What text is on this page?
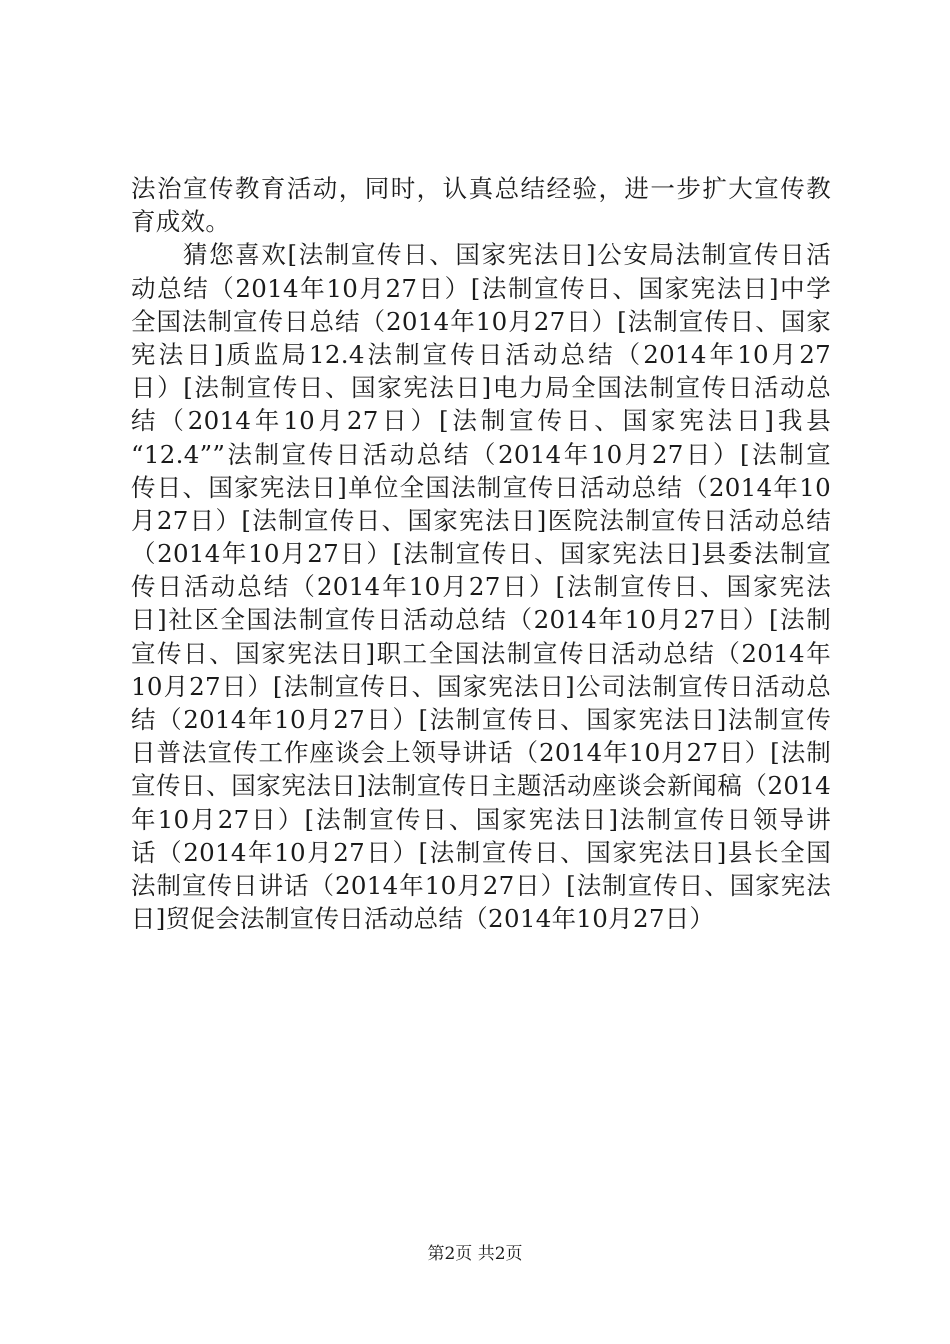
法治宣传教育活动，同时，认真总结经验，进一步扩大宣传教
育成效。
猜您喜欢[法制宣传日、国家宪法日]公安局法制宣传日活
动总结（2014年10月27日）[法制宣传日、国家宪法日]中学
全国法制宣传日总结（2014年10月27日）[法制宣传日、国家
宪法日]质监局12.4法制宣传日活动总结（2014年10月27
日）[法制宣传日、国家宪法日]电力局全国法制宣传日活动总
结（2014年10月27日）[法制宣传日、国家宪法日]我县
“12.4””法制宣传日活动总结（2014年10月27日）[法制宣
传日、国家宪法日]单位全国法制宣传日活动总结（2014年10
月27日）[法制宣传日、国家宪法日]医院法制宣传日活动总结
（2014年10月27日）[法制宣传日、国家宪法日]县委法制宣
传日活动总结（2014年10月27日）[法制宣传日、国家宪法
日]社区全国法制宣传日活动总结（2014年10月27日）[法制
宣传日、国家宪法日]职工全国法制宣传日活动总结（2014年
10月27日）[法制宣传日、国家宪法日]公司法制宣传日活动总
结（2014年10月27日）[法制宣传日、国家宪法日]法制宣传
日普法宣传工作座谈会上领导讲话（2014年10月27日）[法制
宣传日、国家宪法日]法制宣传日主题活动座谈会新闻稿（2014
年10月27日）[法制宣传日、国家宪法日]法制宣传日领导讲
话（2014年10月27日）[法制宣传日、国家宪法日]县长全国
法制宣传日讲话（2014年10月27日）[法制宣传日、国家宪法
日]贸促会法制宣传日活动总结（2014年10月27日）
第2页 共2页
